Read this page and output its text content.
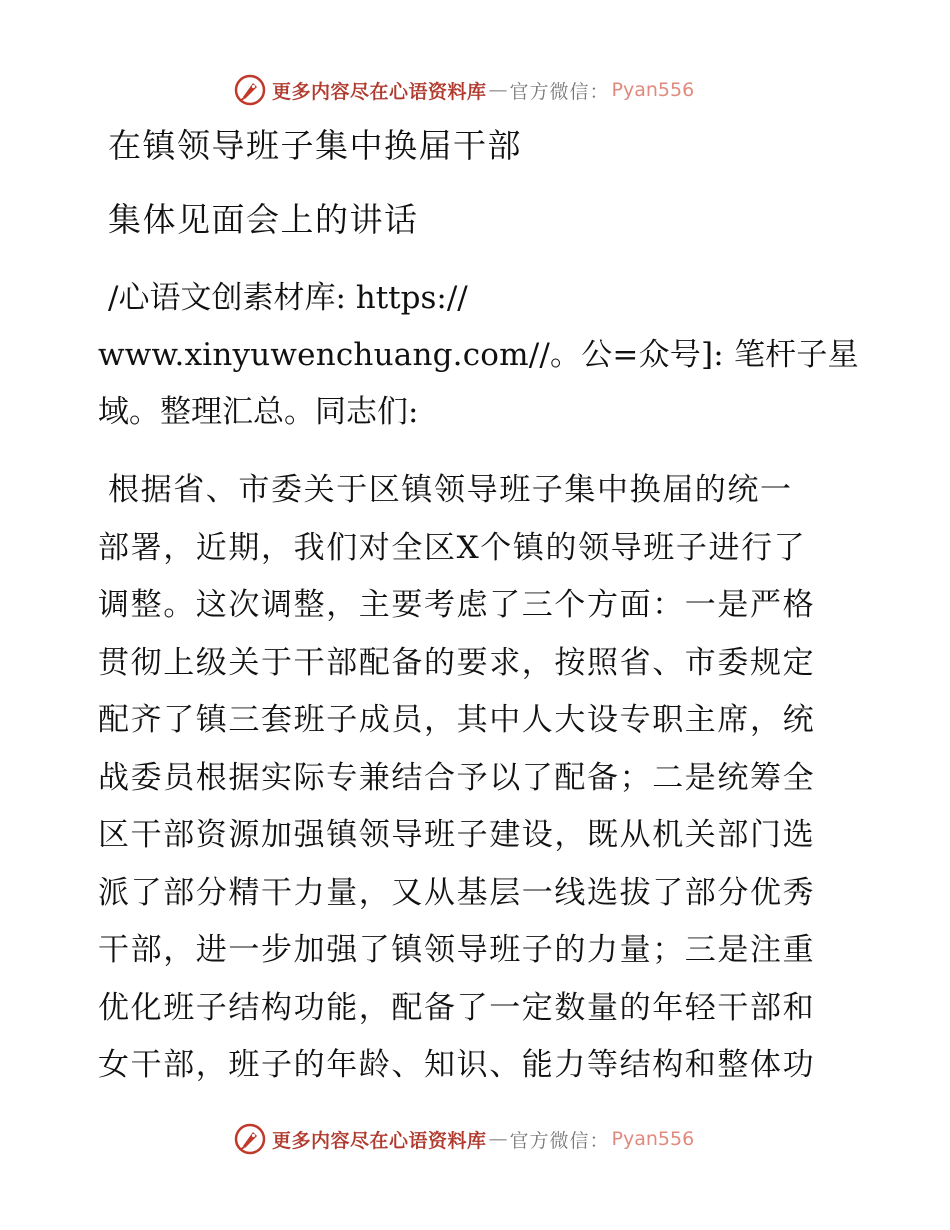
更多内容尽在心语资料库 — 官方微信： Pyan556
在镇领导班子集中换届干部
集体见面会上的讲话
/心语文创素材库: https://
www.xinyuwenchuang.com//。公=众号]: 笔杆子星
域。整理汇总。同志们:
根据省、市委关于区镇领导班子集中换届的统一
部署，近期，我们对全区X个镇的领导班子进行了
调整。这次调整，主要考虑了三个方面：一是严格
贯彻上级关于干部配备的要求，按照省、市委规定
配齐了镇三套班子成员，其中人大设专职主席，统
战委员根据实际专兼结合予以了配备；二是统筹全
区干部资源加强镇领导班子建设，既从机关部门选
派了部分精干力量，又从基层一线选拔了部分优秀
干部，进一步加强了镇领导班子的力量；三是注重
优化班子结构功能，配备了一定数量的年轻干部和
女干部，班子的年龄、知识、能力等结构和整体功
更多内容尽在心语资料库 — 官方微信： Pyan556
